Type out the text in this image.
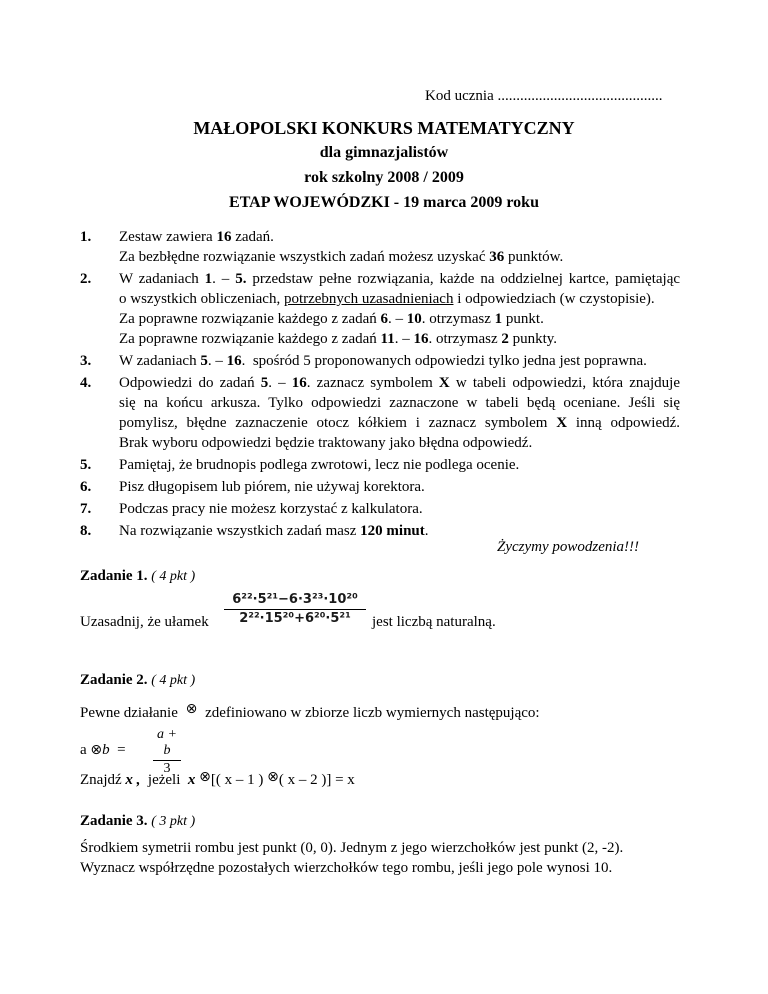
Kod ucznia ............................................
MAŁOPOLSKI KONKURS MATEMATYCZNY
dla gimnazjalistów
rok szkolny 2008 / 2009
ETAP WOJEWÓDZKI - 19 marca 2009 roku
1. Zestaw zawiera 16 zadań.
Za bezbłędne rozwiązanie wszystkich zadań możesz uzyskać 36 punktów.
2. W zadaniach 1. – 5. przedstaw pełne rozwiązania, każde na oddzielnej kartce, pamiętając
o wszystkich obliczeniach, potrzebnych uzasadnieniach i odpowiedziach (w czystopisie).
Za poprawne rozwiązanie każdego z zadań 6. – 10. otrzymasz 1 punkt.
Za poprawne rozwiązanie każdego z zadań 11. – 16. otrzymasz 2 punkty.
3. W zadaniach 5. – 16.  spośród 5 proponowanych odpowiedzi tylko jedna jest poprawna.
4. Odpowiedzi do zadań 5. – 16. zaznacz symbolem X w tabeli odpowiedzi, która znajduje
się na końcu arkusza. Tylko odpowiedzi zaznaczone w tabeli będą oceniane. Jeśli się
pomylisz, błędne zaznaczenie otocz kółkiem i zaznacz symbolem X inną odpowiedź.
Brak wyboru odpowiedzi będzie traktowany jako błędna odpowiedź.
5. Pamiętaj, że brudnopis podlega zwrotowi, lecz nie podlega ocenie.
6. Pisz długopisem lub piórem, nie używaj korektora.
7. Podczas pracy nie możesz korzystać z kalkulatora.
8. Na rozwiązanie wszystkich zadań masz 120 minut.
Życzymy powodzenia!!!
Zadanie 1. ( 4 pkt )
Uzasadnij, że ułamek $\frac{\text{6²²·5²¹−6·3²³·10²⁰}}{\text{2²²·15²⁰+6²⁰·5²¹}}$ jest liczbą naturalną.
Zadanie 2. ( 4 pkt )
Pewne działanie ⊗ zdefiniowano w zbiorze liczb wymiernych następująco:
a ⊗b = $\frac{a + b}{3}$
Znajdź x , jeżeli x ⊗[( x – 1 ) ⊗( x – 2 )] = x
Zadanie 3. ( 3 pkt )
Środkiem symetrii rombu jest punkt (0, 0). Jednym z jego wierzchołków jest punkt (2, -2).
Wyznacz współrzędne pozostałych wierzchołków tego rombu, jeśli jego pole wynosi 10.
